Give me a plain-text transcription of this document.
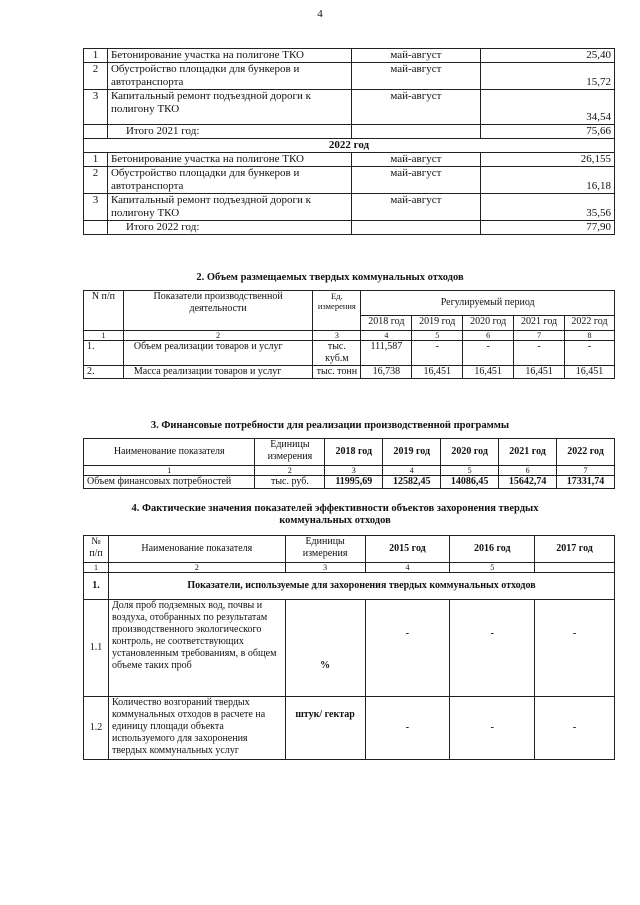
4
1	Бетонирование участка на полигоне ТКО	май-август	25,40
2	Обустройство площадки для бункеров и автотранспорта	май-август	15,72
3	Капитальный ремонт подъездной дороги к полигону ТКО	май-август	34,54
	Итого 2021 год:		75,66
2022 год			
1	Бетонирование участка на полигоне ТКО	май-август	26,155
2	Обустройство площадки для бункеров и автотранспорта	май-август	16,18
3	Капитальный ремонт подъездной дороги к полигону ТКО	май-август	35,56
	Итого 2022 год:		77,90
2. Объем размещаемых твердых коммунальных отходов
N п/п	Показатели производственной деятельности	Ед. измерения	Регулируемый период				
			2018 год	2019 год	2020 год	2021 год	2022 год
1	2	3	4	5	6	7	8
1.	Объем реализации товаров и услуг	тыс. куб.м	111,587	-	-	-	-
2.	Масса реализации товаров и услуг	тыс. тонн	16,738	16,451	16,451	16,451	16,451
3. Финансовые потребности для реализации производственной программы
Наименование показателя	Единицы измерения	2018 год	2019 год	2020 год	2021 год	2022 год
1	2	3	4	5	6	7
Объем финансовых потребностей	тыс. руб.	11995,69	12582,45	14086,45	15642,74	17331,74
4. Фактические значения показателей эффективности объектов захоронения твердых коммунальных отходов
№ п/п	Наименование показателя	Единицы измерения	2015 год	2016 год	2017 год
1	2	3	4	5	
1.	Показатели, используемые для захоронения твердых коммунальных отходов				
1.1	Доля проб подземных вод, почвы и воздуха, отобранных по результатам производственного экологического контроль, не соответствующих установленным требованиям, в общем объеме таких проб	%	-	-	-
1.2	Количество возгораний твердых коммунальных отходов в расчете на единицу площади объекта используемого для захоронения твердых коммунальных услуг	штук/ гектар	-	-	-
